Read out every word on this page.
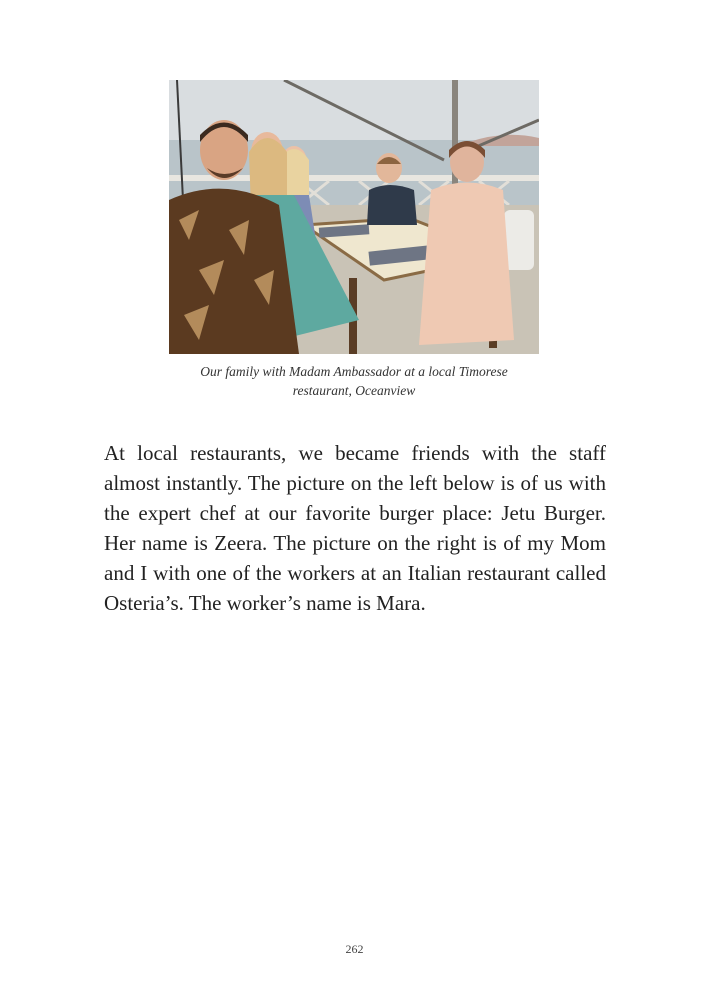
Our family with Madam Ambassador at a local Timorese
restaurant, Oceanview

At local restaurants, we became friends with the staff almost instantly. The picture on the left below is of us with the expert chef at our favorite burger place: Jetu Burger. Her name is Zeera. The picture on the right is of my Mom and I with one of the workers at an Italian restaurant called Osteria’s. The worker’s name is Mara.

262
